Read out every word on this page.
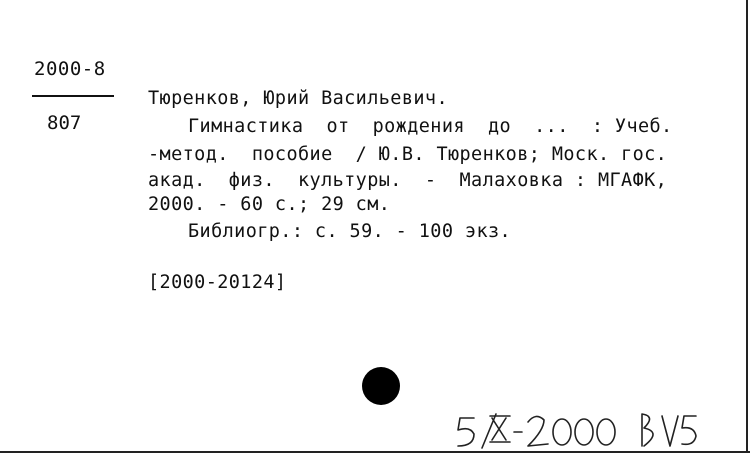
2000-8
807
Тюренков, Юрий Васильевич.
Гимнастика  от  рождения  до  ...  : Учеб.
-метод.  пособие  / Ю.В. Тюренков; Моск. гос.
акад.  физ.  культуры.  -  Малаховка : МГАФК,
2000. - 60 с.; 29 см.
Библиогр.: с. 59. - 100 экз.
[2000-20124]
